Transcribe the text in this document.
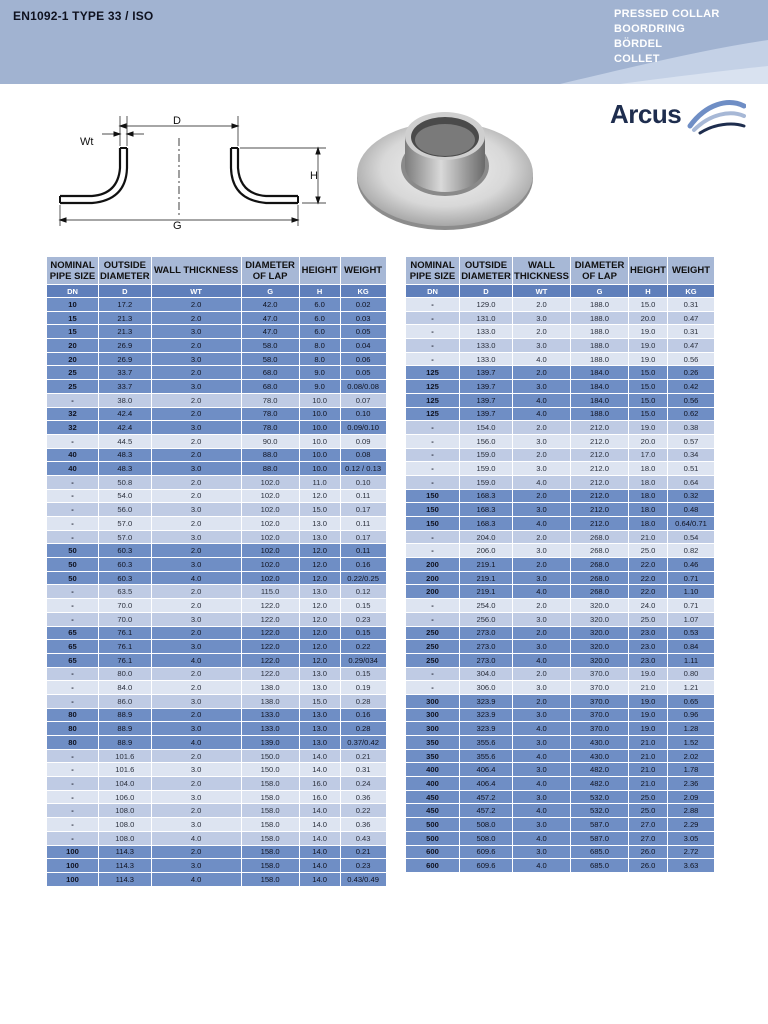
EN1092-1 TYPE 33 / ISO	PRESSED COLLAR
BOORDRING
BÖRDEL
COLLET
Wt
D
H
G
Arcus
NOMINAL PIPE SIZE	OUTSIDE DIAMETER	WALL THICKNESS	DIAMETER OF LAP	HEIGHT	WEIGHT
DN	D	WT	G	H	KG
10	17.2	2.0	42.0	6.0	0.02
15	21.3	2.0	47.0	6.0	0.03
15	21.3	3.0	47.0	6.0	0.05
20	26.9	2.0	58.0	8.0	0.04
20	26.9	3.0	58.0	8.0	0.06
25	33.7	2.0	68.0	9.0	0.05
25	33.7	3.0	68.0	9.0	0.08/0.08
-	38.0	2.0	78.0	10.0	0.07
32	42.4	2.0	78.0	10.0	0.10
32	42.4	3.0	78.0	10.0	0.09/0.10
-	44.5	2.0	90.0	10.0	0.09
40	48.3	2.0	88.0	10.0	0.08
40	48.3	3.0	88.0	10.0	0.12 / 0.13
-	50.8	2.0	102.0	11.0	0.10
-	54.0	2.0	102.0	12.0	0.11
-	56.0	3.0	102.0	15.0	0.17
-	57.0	2.0	102.0	13.0	0.11
-	57.0	3.0	102.0	13.0	0.17
50	60.3	2.0	102.0	12.0	0.11
50	60.3	3.0	102.0	12.0	0.16
50	60.3	4.0	102.0	12.0	0.22/0.25
-	63.5	2.0	115.0	13.0	0.12
-	70.0	2.0	122.0	12.0	0.15
-	70.0	3.0	122.0	12.0	0.23
65	76.1	2.0	122.0	12.0	0.15
65	76.1	3.0	122.0	12.0	0.22
65	76.1	4.0	122.0	12.0	0.29/034
-	80.0	2.0	122.0	13.0	0.15
-	84.0	2.0	138.0	13.0	0.19
-	86.0	3.0	138.0	15.0	0.28
80	88.9	2.0	133.0	13.0	0.16
80	88.9	3.0	133.0	13.0	0.28
80	88.9	4.0	139.0	13.0	0.37/0.42
-	101.6	2.0	150.0	14.0	0.21
-	101.6	3.0	150.0	14.0	0.31
-	104.0	2.0	158.0	16.0	0.24
-	106.0	3.0	158.0	16.0	0.36
-	108.0	2.0	158.0	14.0	0.22
-	108.0	3.0	158.0	14.0	0.36
-	108.0	4.0	158.0	14.0	0.43
100	114.3	2.0	158.0	14.0	0.21
100	114.3	3.0	158.0	14.0	0.23
100	114.3	4.0	158.0	14.0	0.43/0.49
NOMINAL PIPE SIZE	OUTSIDE DIAMETER	WALL THICKNESS	DIAMETER OF LAP	HEIGHT	WEIGHT
DN	D	WT	G	H	KG
-	129.0	2.0	188.0	15.0	0.31
-	131.0	3.0	188.0	20.0	0.47
-	133.0	2.0	188.0	19.0	0.31
-	133.0	3.0	188.0	19.0	0.47
-	133.0	4.0	188.0	19.0	0.56
125	139.7	2.0	184.0	15.0	0.26
125	139.7	3.0	184.0	15.0	0.42
125	139.7	4.0	184.0	15.0	0.56
125	139.7	4.0	188.0	15.0	0.62
-	154.0	2.0	212.0	19.0	0.38
-	156.0	3.0	212.0	20.0	0.57
-	159.0	2.0	212.0	17.0	0.34
-	159.0	3.0	212.0	18.0	0.51
-	159.0	4.0	212.0	18.0	0.64
150	168.3	2.0	212.0	18.0	0.32
150	168.3	3.0	212.0	18.0	0.48
150	168.3	4.0	212.0	18.0	0.64/0.71
-	204.0	2.0	268.0	21.0	0.54
-	206.0	3.0	268.0	25.0	0.82
200	219.1	2.0	268.0	22.0	0.46
200	219.1	3.0	268.0	22.0	0.71
200	219.1	4.0	268.0	22.0	1.10
-	254.0	2.0	320.0	24.0	0.71
-	256.0	3.0	320.0	25.0	1.07
250	273.0	2.0	320.0	23.0	0.53
250	273.0	3.0	320.0	23.0	0.84
250	273.0	4.0	320.0	23.0	1.11
-	304.0	2.0	370.0	19.0	0.80
-	306.0	3.0	370.0	21.0	1.21
300	323.9	2.0	370.0	19.0	0.65
300	323.9	3.0	370.0	19.0	0.96
300	323.9	4.0	370.0	19.0	1.28
350	355.6	3.0	430.0	21.0	1.52
350	355.6	4.0	430.0	21.0	2.02
400	406.4	3.0	482.0	21.0	1.78
400	406.4	4.0	482.0	21.0	2.36
450	457.2	3.0	532.0	25.0	2.09
450	457.2	4.0	532.0	25.0	2.88
500	508.0	3.0	587.0	27.0	2.29
500	508.0	4.0	587.0	27.0	3.05
600	609.6	3.0	685.0	26.0	2.72
600	609.6	4.0	685.0	26.0	3.63
